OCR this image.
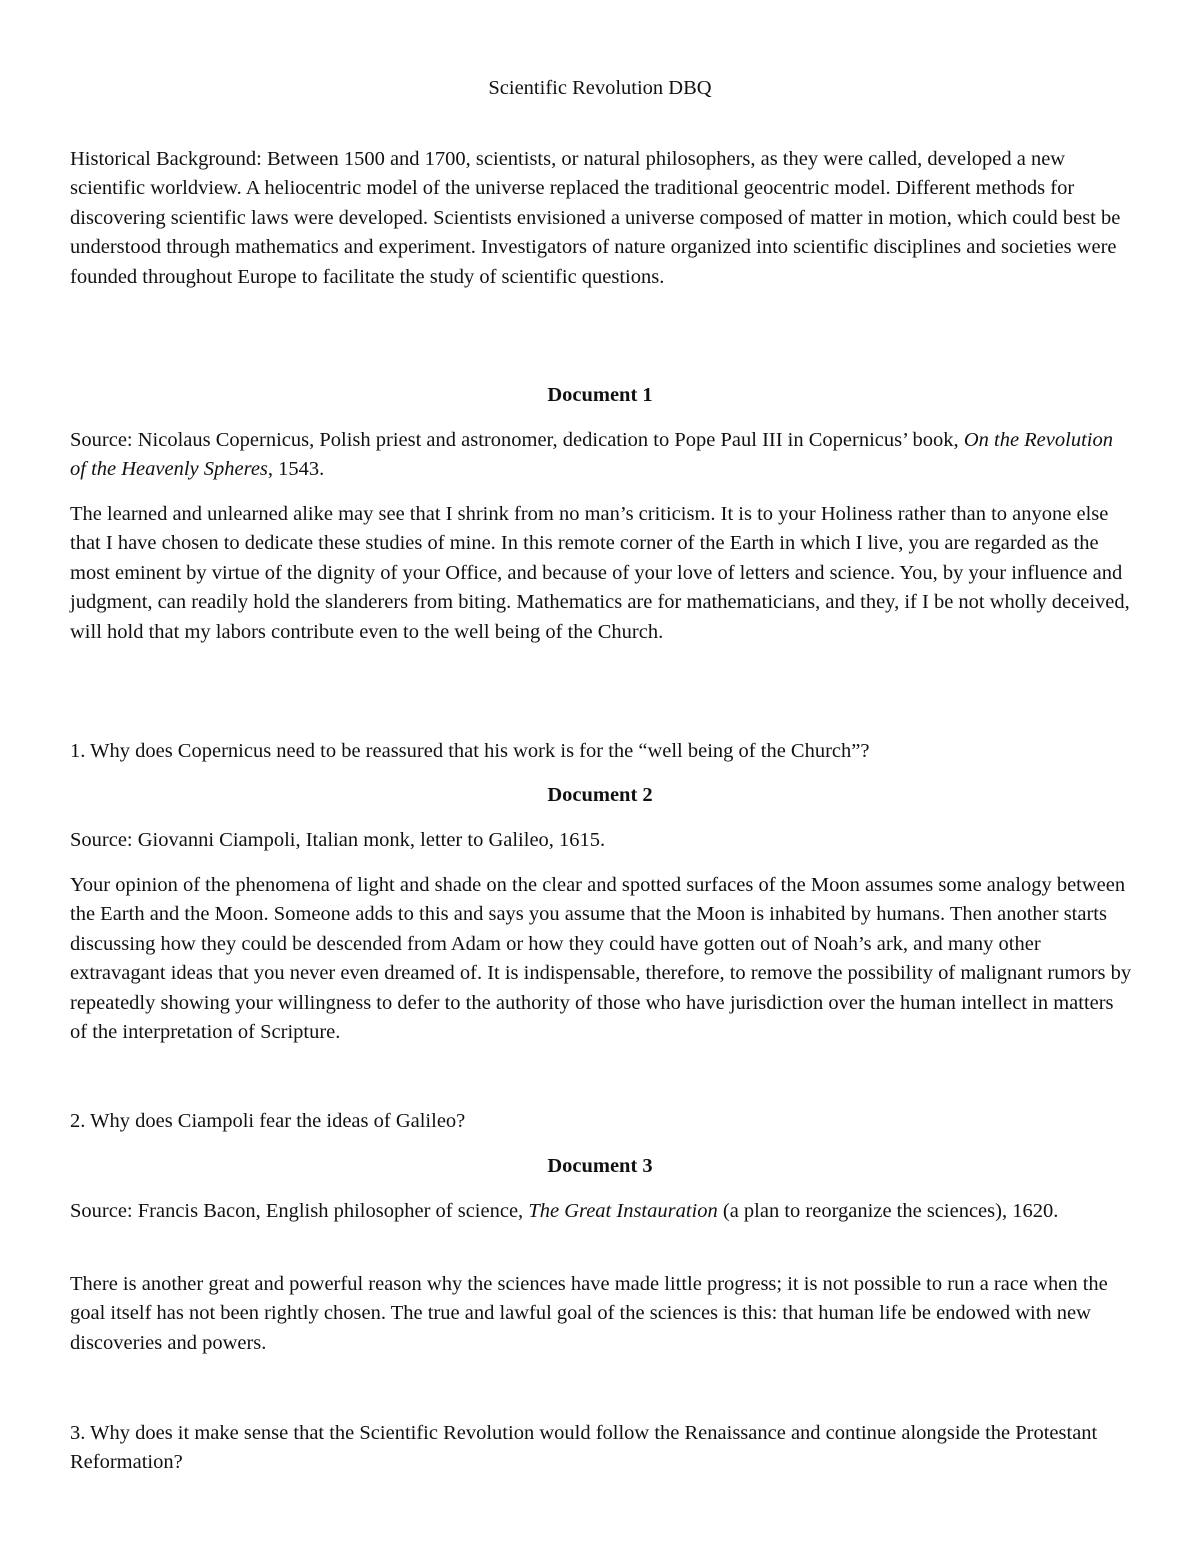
Scientific Revolution DBQ

Historical Background: Between 1500 and 1700, scientists, or natural philosophers, as they were called, developed a new scientific worldview. A heliocentric model of the universe replaced the traditional geocentric model. Different methods for discovering scientific laws were developed. Scientists envisioned a universe composed of matter in motion, which could best be understood through mathematics and experiment. Investigators of nature organized into scientific disciplines and societies were founded throughout Europe to facilitate the study of scientific questions.

Document 1

Source: Nicolaus Copernicus, Polish priest and astronomer, dedication to Pope Paul III in Copernicus’ book, On the Revolution of the Heavenly Spheres, 1543.

The learned and unlearned alike may see that I shrink from no man’s criticism. It is to your Holiness rather than to anyone else that I have chosen to dedicate these studies of mine. In this remote corner of the Earth in which I live, you are regarded as the most eminent by virtue of the dignity of your Office, and because of your love of letters and science. You, by your influence and judgment, can readily hold the slanderers from biting. Mathematics are for mathematicians, and they, if I be not wholly deceived, will hold that my labors contribute even to the well being of the Church.

1. Why does Copernicus need to be reassured that his work is for the “well being of the Church”?

Document 2

Source: Giovanni Ciampoli, Italian monk, letter to Galileo, 1615.

Your opinion of the phenomena of light and shade on the clear and spotted surfaces of the Moon assumes some analogy between the Earth and the Moon. Someone adds to this and says you assume that the Moon is inhabited by humans. Then another starts discussing how they could be descended from Adam or how they could have gotten out of Noah’s ark, and many other extravagant ideas that you never even dreamed of. It is indispensable, therefore, to remove the possibility of malignant rumors by repeatedly showing your willingness to defer to the authority of those who have jurisdiction over the human intellect in matters of the interpretation of Scripture.

2. Why does Ciampoli fear the ideas of Galileo?

Document 3

Source: Francis Bacon, English philosopher of science, The Great Instauration (a plan to reorganize the sciences), 1620.

There is another great and powerful reason why the sciences have made little progress; it is not possible to run a race when the goal itself has not been rightly chosen. The true and lawful goal of the sciences is this: that human life be endowed with new discoveries and powers.

3. Why does it make sense that the Scientific Revolution would follow the Renaissance and continue alongside the Protestant Reformation?
